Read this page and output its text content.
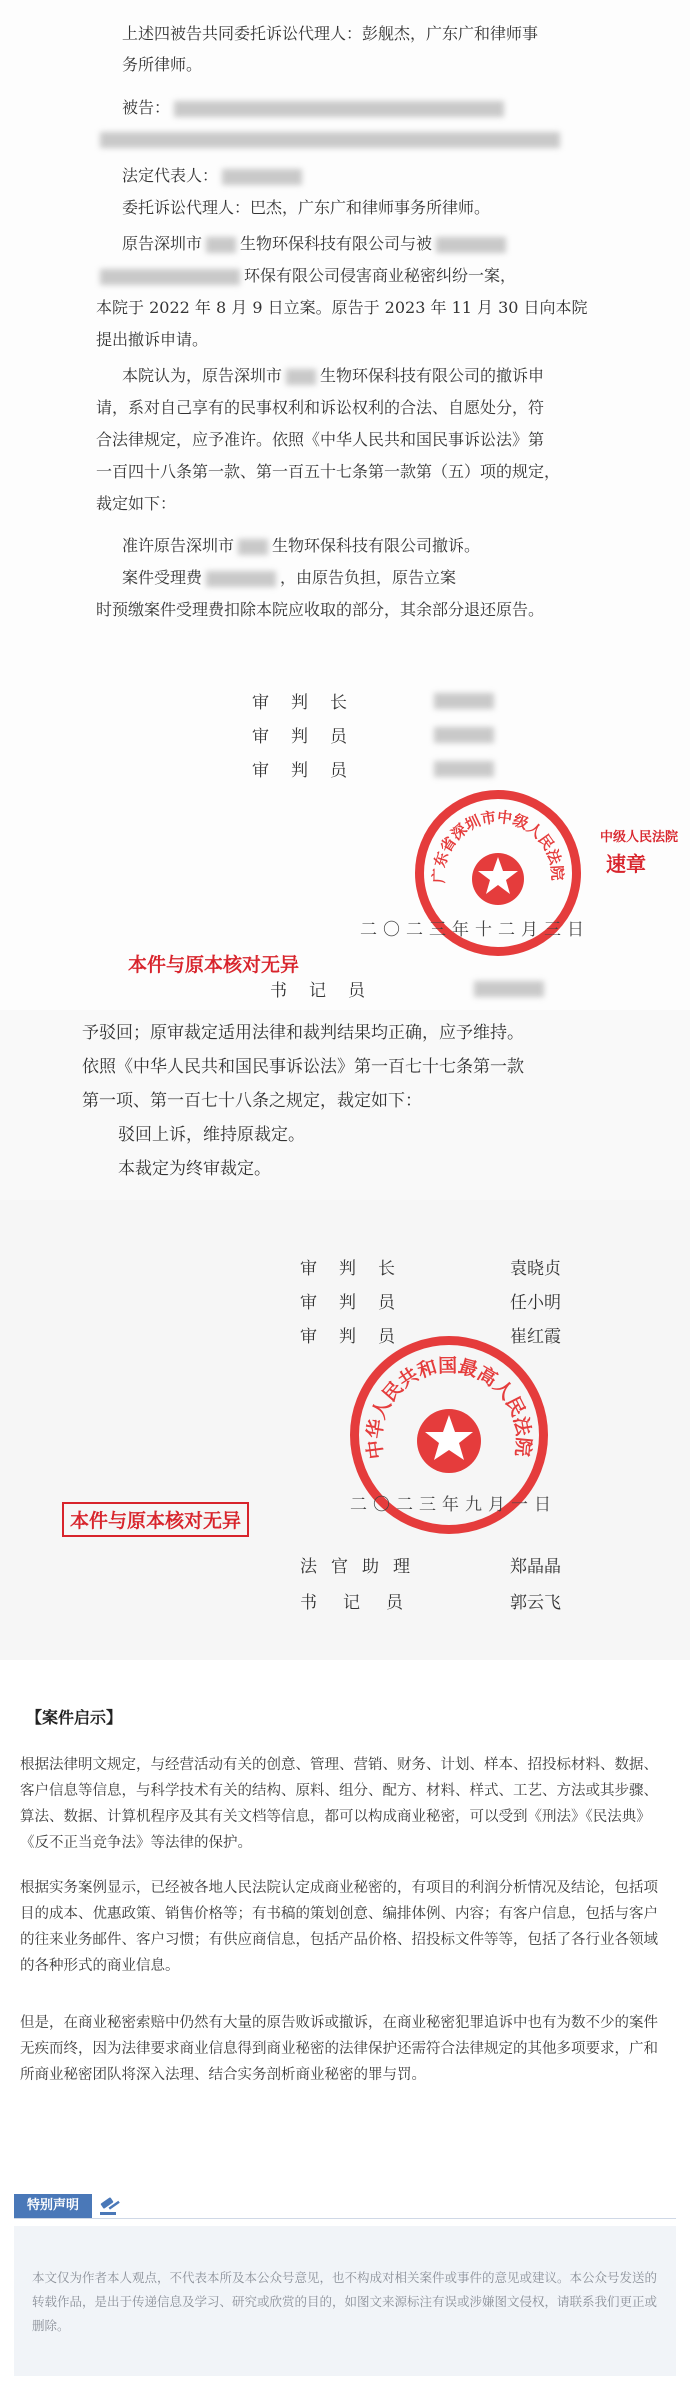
上述四被告共同委托诉讼代理人：彭舰杰，广东广和律师事
务所律师。
被告：
法定代表人：
委托诉讼代理人：巴杰，广东广和律师事务所律师。
原告深圳市 生物环保科技有限公司与被
环保有限公司侵害商业秘密纠纷一案，
本院于 2022 年 8 月 9 日立案。原告于 2023 年 11 月 30 日向本院
提出撤诉申请。
本院认为，原告深圳市 生物环保科技有限公司的撤诉申
请，系对自己享有的民事权利和诉讼权利的合法、自愿处分，符
合法律规定，应予准许。依照《中华人民共和国民事诉讼法》第
一百四十八条第一款、第一百五十七条第一款第（五）项的规定，
裁定如下：
准许原告深圳市 生物环保科技有限公司撤诉。
案件受理费	，由原告负担，原告立案
时预缴案件受理费扣除本院应收取的部分，其余部分退还原告。
审判长
审判员
审判员
广东省深圳市中级人民法院
中级人民法院
速章
二〇二三年十二月三日
本件与原本核对无异
书记员
予驳回；原审裁定适用法律和裁判结果均正确，应予维持。
依照《中华人民共和国民事诉讼法》第一百七十七条第一款
第一项、第一百七十八条之规定，裁定如下：
驳回上诉，维持原裁定。
本裁定为终审裁定。
审判长	袁晓贞
审判员	任小明
审判员	崔红霞
中华人民共和国最高人民法院
二〇二三年九月一日
本件与原本核对无异
法官助理	郑晶晶
书记员	郭云飞
【案件启示】
根据法律明文规定，与经营活动有关的创意、管理、营销、财务、计划、样本、招投标材料、数据、客户信息等信息，与科学技术有关的结构、原料、组分、配方、材料、样式、工艺、方法或其步骤、算法、数据、计算机程序及其有关文档等信息，都可以构成商业秘密，可以受到《刑法》《民法典》《反不正当竞争法》等法律的保护。
根据实务案例显示，已经被各地人民法院认定成商业秘密的，有项目的利润分析情况及结论，包括项目的成本、优惠政策、销售价格等；有书稿的策划创意、编排体例、内容；有客户信息，包括与客户的往来业务邮件、客户习惯；有供应商信息，包括产品价格、招投标文件等等，包括了各行业各领域的各种形式的商业信息。
但是，在商业秘密索赔中仍然有大量的原告败诉或撤诉，在商业秘密犯罪追诉中也有为数不少的案件无疾而终，因为法律要求商业信息得到商业秘密的法律保护还需符合法律规定的其他多项要求，广和所商业秘密团队将深入法理、结合实务剖析商业秘密的罪与罚。
特别声明
本文仅为作者本人观点，不代表本所及本公众号意见，也不构成对相关案件或事件的意见或建议。本公众号发送的转载作品，是出于传递信息及学习、研究或欣赏的目的，如图文来源标注有误或涉嫌图文侵权，请联系我们更正或删除。
